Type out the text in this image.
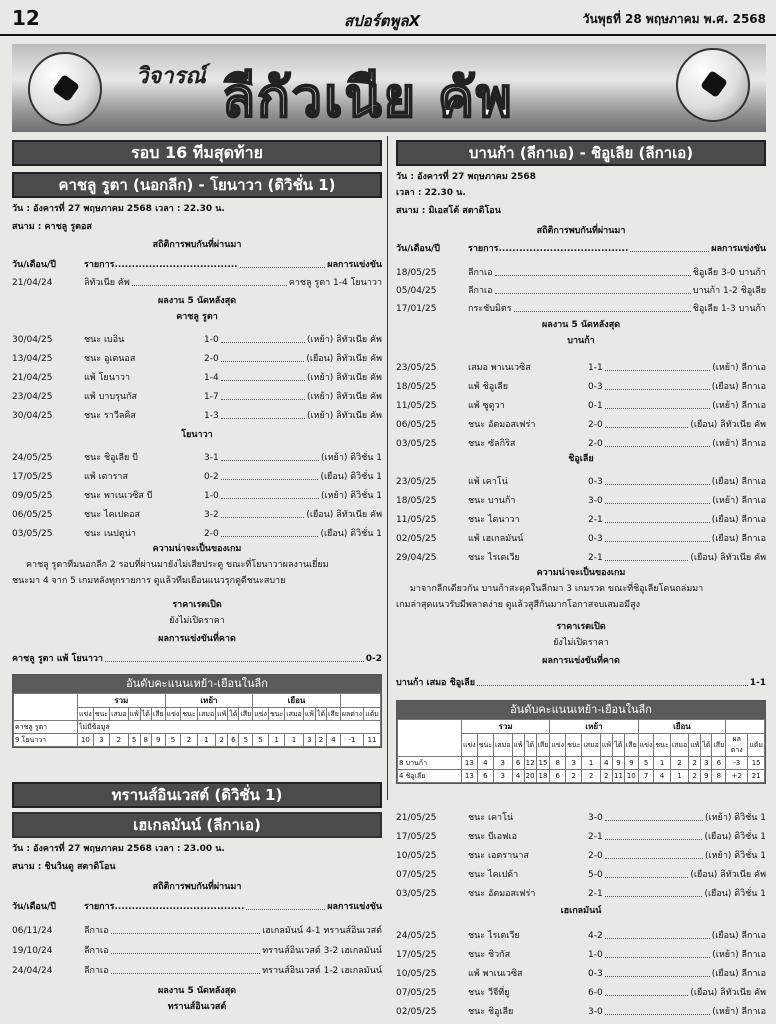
12	สปอร์ตพูลX	วันพุธที่ 28 พฤษภาคม พ.ศ. 2568
วิจารณ์ ลีกัวเนีย คัพ
รอบ 16 ทีมสุดท้าย
คาชลู รูตา (นอกลีก) - โยนาวา (ดิวิชั่น 1)
วัน : อังคารที่ 27 พฤษภาคม 2568 เวลา : 22.30 น.
สนาม : คาชลู รูตอส
สถิติการพบกันที่ผ่านมา
วัน/เดือน/ปี	รายการ....................................	ผลการแข่งขัน
21/04/24	ลิทัวเนีย คัพ	คาชลู รูตา 1-4 โยนาวา
ผลงาน 5 นัดหลังสุด
คาชลู รูตา
30/04/25	ชนะ เบอิน	1-0	(เหย้า) ลิทัวเนีย คัพ
13/04/25	ชนะ อูเตนอส	2-0	(เยือน) ลิทัวเนีย คัพ
21/04/25	แพ้ โยนาวา	1-4	(เหย้า) ลิทัวเนีย คัพ
23/04/25	แพ้ บาบรุนกัส	1-7	(เหย้า) ลิทัวเนีย คัพ
30/04/25	ชนะ ราวีลคิส	1-3	(เหย้า) ลิทัวเนีย คัพ
โยนาวา
24/05/25	ชนะ ชิอูเลีย บี	3-1	(เหย้า) ดิวิชั่น 1
17/05/25	แพ้ เดาราส	0-2	(เยือน) ดิวิชั่น 1
09/05/25	ชนะ พาเนเวซิส บี	1-0	(เหย้า) ดิวิชั่น 1
06/05/25	ชนะ ไคเปดอส	3-2	(เยือน) ลิทัวเนีย คัพ
03/05/25	ชนะ เนปตูน่า	2-0	(เยือน) ดิวิชั่น 1
ความน่าจะเป็นของเกม
คาชลู รูตาทีมนอกลีก 2 รอบที่ผ่านมายังไม่เสียประตู ขณะที่โยนาวาผลงานเยี่ยม
ชนะมา 4 จาก 5 เกมหลังทุกรายการ ดูแล้วทีมเยือนแนวรุกดูดีชนะสบาย
ราคาเรตเปิด
ยังไม่เปิดราคา
ผลการแข่งขันที่คาด
คาชลู รูตา แพ้ โยนาวา	0-2
อันดับคะแนนเหย้า-เยือนในลีก
	รวม						เหย้า						เยือน							
	แข่ง	ชนะ	เสมอ	แพ้	ได้	เสีย	แข่ง	ชนะ	เสมอ	แพ้	ได้	เสีย	แข่ง	ชนะ	เสมอ	แพ้	ได้	เสีย	ผลต่าง	แต้ม
คาชลู รูตา	ไม่มีข้อมูล																			
9 โยนาวา	10	3	2	5	8	9	5	2	1	2	6	5	5	1	1	3	2	4	-1	11
ทรานส์อินเวสต์ (ดิวิชั่น 1)
เฮเกลมันน์ (ลีกาเอ)
วัน : อังคารที่ 27 พฤษภาคม 2568 เวลา : 23.00 น.
สนาม : ชินวินดู สตาดิโอน
สถิติการพบกันที่ผ่านมา
วัน/เดือน/ปี	รายการ......................................	ผลการแข่งขัน
06/11/24	ลีกาเอ	เฮเกลมันน์ 4-1 ทรานส์อินเวสต์
19/10/24	ลีกาเอ	ทรานส์อินเวสต์ 3-2 เฮเกลมันน์
24/04/24	ลีกาเอ	ทรานส์อินเวสต์ 1-2 เฮเกลมันน์
ผลงาน 5 นัดหลังสุด
ทรานส์อินเวสต์
บานก้า (ลีกาเอ) - ชิอูเลีย (ลีกาเอ)
วัน : อังคารที่ 27 พฤษภาคม 2568
เวลา : 22.30 น.
สนาม : มิเอสโต้ สตาดิโอน
สถิติการพบกันที่ผ่านมา
วัน/เดือน/ปี	รายการ......................................	ผลการแข่งขัน
18/05/25	ลีกาเอ	ชิอูเลีย 3-0 บานก้า
05/04/25	ลีกาเอ	บานก้า 1-2 ชิอูเลีย
17/01/25	กระชับมิตร	ชิอูเลีย 1-3 บานก้า
ผลงาน 5 นัดหลังสุด
บานก้า
23/05/25	เสมอ พาเนเวซิส	1-1	(เหย้า) ลีกาเอ
18/05/25	แพ้ ชิอูเลีย	0-3	(เยือน) ลีกาเอ
11/05/25	แพ้ ซูดูวา	0-1	(เหย้า) ลีกาเอ
06/05/25	ชนะ อัตมอสเฟร่า	2-0	(เยือน) ลิทัวเนีย คัพ
03/05/25	ชนะ ซัลกิริส	2-0	(เหย้า) ลีกาเอ
ชิอูเลีย
23/05/25	แพ้ เคาโน่	0-3	(เยือน) ลีกาเอ
18/05/25	ชนะ บานก้า	3-0	(เหย้า) ลีกาเอ
11/05/25	ชนะ ไดนาวา	2-1	(เยือน) ลีกาเอ
02/05/25	แพ้ เฮเกลมันน์	0-3	(เยือน) ลีกาเอ
29/04/25	ชนะ ไรเตเวีย	2-1	(เยือน) ลิทัวเนีย คัพ
ความน่าจะเป็นของเกม
มาจากลีกเดียวกัน บานก้าสะดุดในลีกมา 3 เกมรวด ขณะที่ชิอูเลียโดนถล่มมา
เกมล่าสุดแนวรับมีพลาดง่าย ดูแล้วสูสีกันมากโอกาสจบเสมอมีสูง
ราคาเรตเปิด
ยังไม่เปิดราคา
ผลการแข่งขันที่คาด
บานก้า เสมอ ชิอูเลีย	1-1
อันดับคะแนนเหย้า-เยือนในลีก
	รวม						เหย้า						เยือน							
	แข่ง	ชนะ	เสมอ	แพ้	ได้	เสีย	แข่ง	ชนะ	เสมอ	แพ้	ได้	เสีย	แข่ง	ชนะ	เสมอ	แพ้	ได้	เสีย	ผลต่าง	แต้ม
8 บานก้า	13	4	3	6	12	15	8	3	1	4	9	9	5	1	2	2	3	6	-3	15
4 ชิอูเลีย	13	6	3	4	20	18	6	2	2	2	11	10	7	4	1	2	9	8	+2	21
21/05/25	ชนะ เคาโน่	3-0	(เหย้า) ดิวิชั่น 1
17/05/25	ชนะ บีเอฟเอ	2-1	(เยือน) ดิวิชั่น 1
10/05/25	ชนะ เอตรานาส	2-0	(เหย้า) ดิวิชั่น 1
07/05/25	ชนะ ไคเปด้า	5-0	(เยือน) ลิทัวเนีย คัพ
03/05/25	ชนะ อัตมอสเฟร่า	2-1	(เยือน) ดิวิชั่น 1
เฮเกลมันน์
24/05/25	ชนะ ไรเตเวีย	4-2	(เยือน) ลีกาเอ
17/05/25	ชนะ ชิวกัส	1-0	(เหย้า) ลีกาเอ
10/05/25	แพ้ พาเนเวซิส	0-3	(เยือน) ลีกาเอ
07/05/25	ชนะ วีจีที่ยู	6-0	(เยือน) ลิทัวเนีย คัพ
02/05/25	ชนะ ชิอูเลีย	3-0	(เหย้า) ลีกาเอ
